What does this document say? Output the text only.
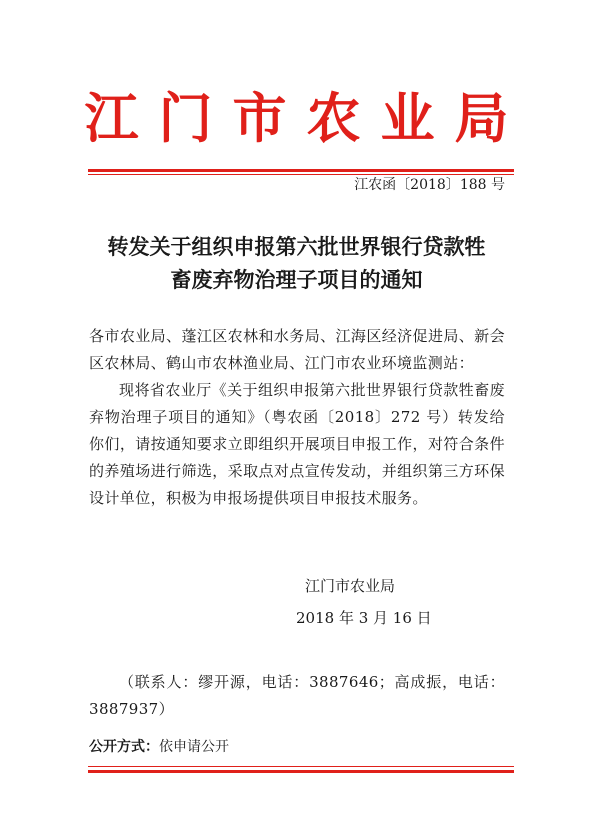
江门市农业局
江农函〔2018〕188 号
转发关于组织申报第六批世界银行贷款牲
畜废弃物治理子项目的通知
各市农业局、蓬江区农林和水务局、江海区经济促进局、新会区农林局、鹤山市农林渔业局、江门市农业环境监测站：
现将省农业厅《关于组织申报第六批世界银行贷款牲畜废弃物治理子项目的通知》（粤农函〔2018〕272 号）转发给你们，请按通知要求立即组织开展项目申报工作，对符合条件的养殖场进行筛选，采取点对点宣传发动，并组织第三方环保设计单位，积极为申报场提供项目申报技术服务。
江门市农业局
2018 年 3 月 16 日
（联系人：缪开源，电话：3887646；高成振，电话：3887937）
公开方式：依申请公开
